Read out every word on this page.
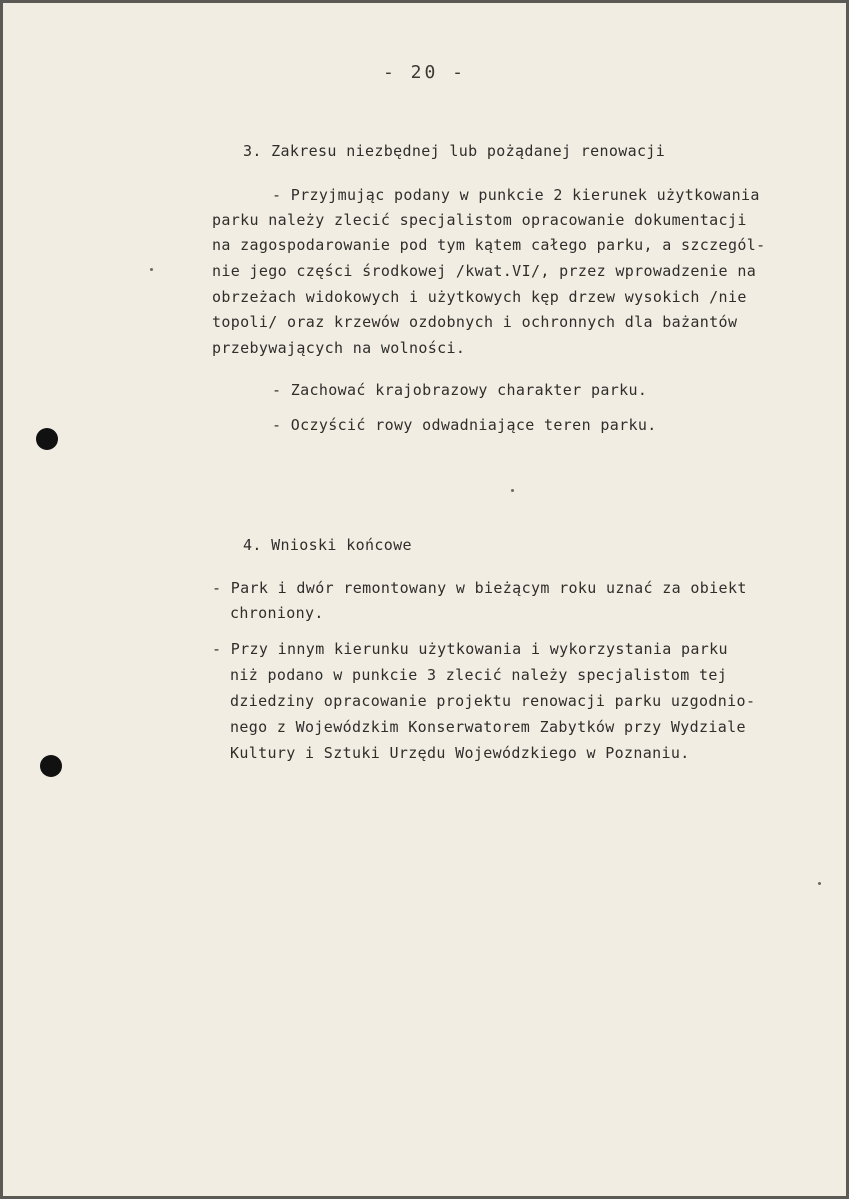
- 20 -
3. Zakresu niezbędnej lub pożądanej renowacji
- Przyjmując podany w punkcie 2 kierunek użytkowania
parku należy zlecić specjalistom opracowanie dokumentacji
na zagospodarowanie pod tym kątem całego parku, a szczegól-
nie jego części środkowej /kwat.VI/, przez wprowadzenie na
obrzeżach widokowych i użytkowych kęp drzew wysokich /nie
topoli/ oraz krzewów ozdobnych i ochronnych dla bażantów
przebywających na wolności.
- Zachować krajobrazowy charakter parku.
- Oczyścić rowy odwadniające teren parku.
4. Wnioski końcowe
- Park i dwór remontowany w bieżącym roku uznać za obiekt
chroniony.
- Przy innym kierunku użytkowania i wykorzystania parku
niż podano w punkcie 3 zlecić należy specjalistom tej
dziedziny opracowanie projektu renowacji parku uzgodnio-
nego z Wojewódzkim Konserwatorem Zabytków przy Wydziale
Kultury i Sztuki Urzędu Wojewódzkiego w Poznaniu.
